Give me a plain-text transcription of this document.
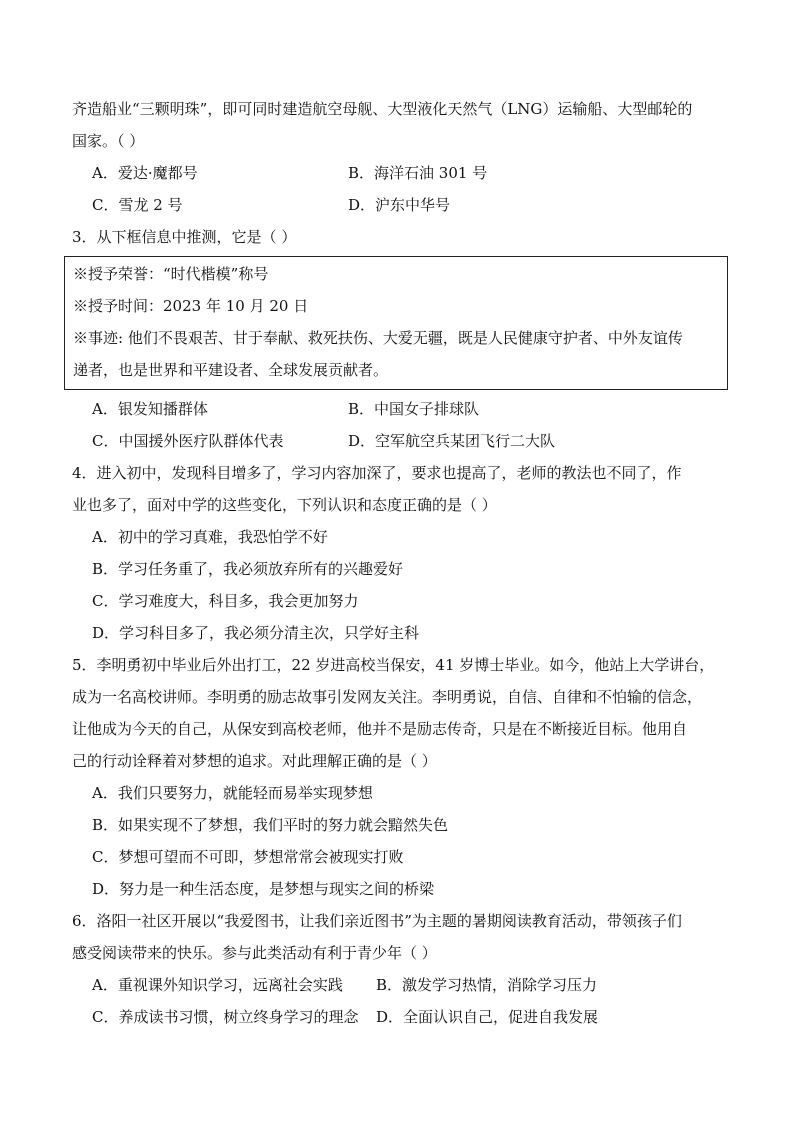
齐造船业“三颗明珠”，即可同时建造航空母舰、大型液化天然气（LNG）运输船、大型邮轮的
国家。（ ）
A．爱达·魔都号	B．海洋石油 301 号
C．雪龙 2 号	D．沪东中华号
3．从下框信息中推测，它是（ ）
※授予荣誉：“时代楷模”称号
※授予时间：2023 年 10 月 20 日
※事迹: 他们不畏艰苦、甘于奉献、救死扶伤、大爱无疆，既是人民健康守护者、中外友谊传
递者，也是世界和平建设者、全球发展贡献者。
A．银发知播群体	B．中国女子排球队
C．中国援外医疗队群体代表	D．空军航空兵某团飞行二大队
4．进入初中，发现科目增多了，学习内容加深了，要求也提高了，老师的教法也不同了，作
业也多了，面对中学的这些变化，下列认识和态度正确的是（ ）
A．初中的学习真难，我恐怕学不好
B．学习任务重了，我必须放弃所有的兴趣爱好
C．学习难度大，科目多，我会更加努力
D．学习科目多了，我必须分清主次，只学好主科
5．李明勇初中毕业后外出打工，22 岁进高校当保安，41 岁博士毕业。如今，他站上大学讲台，
成为一名高校讲师。李明勇的励志故事引发网友关注。李明勇说，自信、自律和不怕输的信念，
让他成为今天的自己，从保安到高校老师，他并不是励志传奇，只是在不断接近目标。他用自
己的行动诠释着对梦想的追求。对此理解正确的是（ ）
A．我们只要努力，就能轻而易举实现梦想
B．如果实现不了梦想，我们平时的努力就会黯然失色
C．梦想可望而不可即，梦想常常会被现实打败
D．努力是一种生活态度，是梦想与现实之间的桥梁
6．洛阳一社区开展以“我爱图书，让我们亲近图书”为主题的暑期阅读教育活动，带领孩子们
感受阅读带来的快乐。参与此类活动有利于青少年（ ）
A．重视课外知识学习，远离社会实践 B．激发学习热情，消除学习压力
C．养成读书习惯，树立终身学习的理念 D．全面认识自己，促进自我发展
